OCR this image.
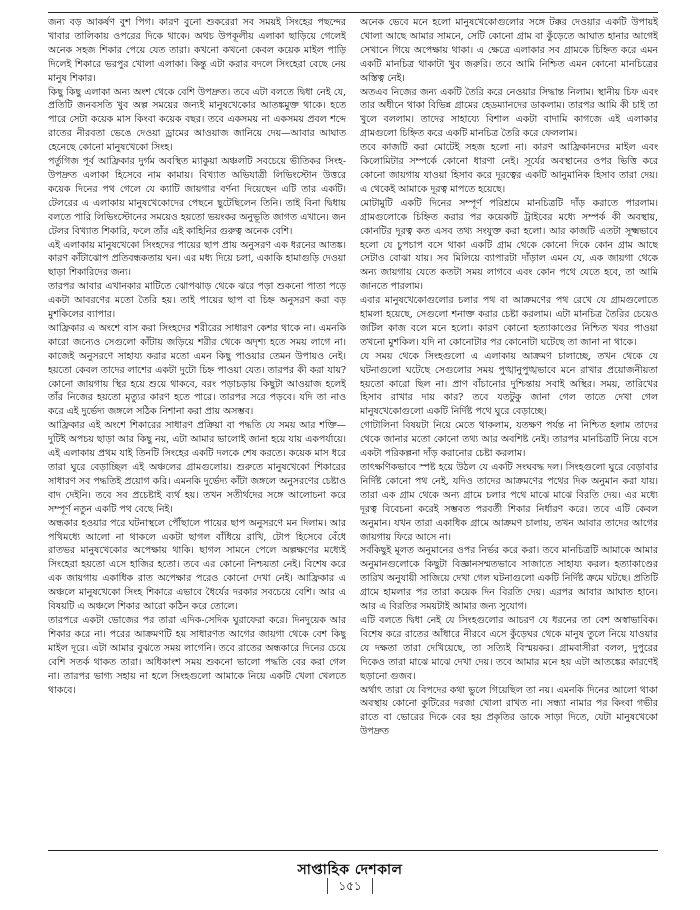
জন্য বড় আকর্ষণ বুশ পিগ। কারণ বুনো শুকরেরা সব সময়ই সিংহের পছন্দের খাবার তালিকায় ওপরের দিকে থাকে। অথচ উপকূলীয় এলাকা ছাড়িয়ে গেলেই অনেক সহজ শিকার পেয়ে যেত তারা। কখনো কখনো কেবল কয়েক মাইল পাড়ি দিলেই শিকারে ভরপুর খোলা এলাকা। কিন্তু এটা করার বদলে সিংহেরা বেছে নেয় মানুষ শিকার।

কিছু কিছু এলাকা অন্য অংশ থেকে বেশি উপদ্রুত। তবে এটা বলতে দ্বিধা নেই যে, প্রতিটি জনবসতি খুব অল্প সময়ের জন্যই মানুষখেকোর আতঙ্কমুক্ত থাকে। হতে পারে সেটা কয়েক মাস কিংবা কয়েক বছর। তবে একসময় না একসময় প্রবল শব্দে রাতের নীরবতা ভেঙে দেওয়া ড্রামের আওয়াজ জানিয়ে দেয়—আবার আঘাত হেনেছে কোনো মানুষখেকো সিংহ।

পর্তুগিজ পূর্ব আফ্রিকার দুর্গম অবস্থিত ম্যাকুয়া অঞ্চলটি সবচেয়ে ভীতিকর সিংহ-উপদ্রুত এলাকা হিসেবে নাম কামায়। বিখ্যাত অভিযাত্রী লিভিংস্টোন উত্তরে কয়েক দিনের পথ গেলে যে ক্যাটি জায়গার বর্ণনা দিয়েছেন এটি তার একটি। টেলরের এ এলাকায় মানুষখেকোদের পেছনে ছুটেছিলেন তিনি। তাই বিনা দ্বিধায় বলতে পারি লিভিংস্টোনের সময়েও হয়তো ভয়ংকর অনুভূতি জাগত এখানে। জন টেলর বিখ্যাত শিকারি, ফলে তাঁর এই কাহিনির গুরুত্ব অনেক বেশি।

এই এলাকায় মানুষখেকো সিংহদের পায়ের ছাপ প্রায় অনুসরণ এক ধরনের আতঙ্ক। কারণ কাঁটাঝোপ প্রতিবন্ধকতায় ঘন। এর মধ্য দিয়ে চলা, একাকি হামাগুড়ি দেওয়া ছাড়া শিকারিদের জন্য।

তারপর আবার এখানকার মাটিতে ঝোপঝাড় থেকে ঝরে পড়া শুকনো পাতা পড়ে একটা আবরণের মতো তৈরি হয়। তাই পায়ের ছাপ বা চিহ্ন অনুসরণ করা বড় মুশকিলের ব্যাপার।

আফ্রিকার এ অংশে বাস করা সিংহদের শরীরের সাধারণ কেশর থাকে না। এমনকি কারো জন্যেও সেগুলো কাঁটায় জড়িয়ে শরীর থেকে অদৃশ্য হতে সময় লাগে না। কাজেই অনুসরণে সাহায্য করার মতো এমন কিছু পাওয়ার তেমন উপায়ও নেই। হয়তো কেবল তাদের লাশের একটা দুটো চিহ্ন পাওয়া যেত। তারপর কী করা যায়? কোনো জায়গায় স্থির হয়ে শুয়ে থাকবে, বরং পড়াচড়ায় কিছুটা আওয়াজ হলেই তাঁর নিজের হয়তো মৃত্যুর কারণ হতে পারে। তারপর সরে পড়বে। যদি তা নাও করে এই দুর্ভেদ্য জঙ্গলে সঠিক নিশানা করা প্রায় অসম্ভব।

আফ্রিকার এই অংশে শিকারের সাধারণ প্রক্রিয়া বা পদ্ধতি যে সময় আর শক্তি—দুটিই অপচয় ছাড়া আর কিছু নয়, এটা আমার ভালোই জানা হয়ে যায় একপর্যায়ে। এই এলাকায় প্রথম যাই তিনটি সিংহের একটি দলকে শেষ করতে। কয়েক মাস ধরে তারা ঘুরে বেড়াচ্ছিল এই অঞ্চলের গ্রামগুলোয়। শুরুতে মানুষখেকো শিকারের সাধারণ সব পদ্ধতিই প্রয়োগ করি। এমনকি দুর্ভেদ্য কাঁটা জঙ্গলে অনুসরণের চেষ্টাও বাদ দেইনি। তবে সব প্রচেষ্টাই ব্যর্থ হয়। তখন সতীর্থদের সঙ্গে আলোচনা করে সম্পূর্ণ নতুন একটি পথ বেছে নিই।

অন্ধকার হওয়ার পরে ঘটনাস্থলে পৌঁছালে পায়ের ছাপ অনুসরণে মন দিলাম। আর পথিমধ্যে আলো না থাকলে একটা ছাগল বাঁধিয়ে রাখি, টোপ হিসেবে বেঁধে রাতভর মানুষখেকোর অপেক্ষায় থাকি। ছাগল সামনে পেলে অল্পক্ষণের মধ্যেই সিংহেরা হয়তো এসে হাজির হতো। তবে এর কোনো নিশ্চয়তা নেই। বিশেষ করে এক জায়গায় একাধিক রাত অপেক্ষার পরেও কোনো দেখা নেই। আফ্রিকার এ অঞ্চলে মানুষখেকো সিংহ শিকারে এভাবে ধৈর্যের দরকার সবচেয়ে বেশি। আর এ বিষয়টি এ অঞ্চলে শিকার আরো কঠিন করে তোলে।

তারপরে একটা ভোজের পর তারা এদিক-সেদিক ঘুরাফেরা করে। দিনদুয়েক আর শিকার করে না। পরের আক্রমণটি হয় সাধারণত আগের জায়গা থেকে বেশ কিছু মাইল দূরে। এটা আমার বুঝতে সময় লাগেনি। তবে রাতের অন্ধকারে দিনের চেয়ে বেশি সতর্ক থাকত তারা। অধিকাংশ সময় শুকনো ভালো পদ্ধতি বের করা গেল না। তারপর ভাগ্য সহায় না হলে সিংহগুলো আমাকে নিয়ে একটি খেলা খেলতে থাকবে।

অনেক ভেবে মনে হলো মানুষখেকোগুলোর সঙ্গে টক্কর দেওয়ার একটি উপায়ই খোলা আছে আমার সামনে, সেটি কোনো গ্রাম বা কুঁড়েতে আঘাত হানার আগেই সেখানে গিয়ে অপেক্ষায় থাকা। এ ক্ষেত্রে এলাকার সব গ্রামকে চিহ্নিত করে এমন একটি মানচিত্র থাকাটা খুব জরুরি। তবে আমি নিশ্চিত এমন কোনো মানচিত্রের অস্তিত্ব নেই।

অতএব নিজের জন্য একটি তৈরি করে নেওয়ার সিদ্ধান্ত নিলাম। স্থানীয় চিফ এবং তার অধীনে থাকা বিভিন্ন গ্রামের হেডম্যানদের ডাকলাম। তারপর আমি কী চাই তা খুলে বললাম। তাদের সাহায্যে বিশাল একটা বাদামি কাগজে এই এলাকার গ্রামগুলো চিহ্নিত করে একটি মানচিত্র তৈরি করে ফেললাম।

তবে কাজটি করা মোটেই সহজ হলো না। কারণ আফ্রিকানদের মাইল এবং কিলোমিটার সম্পর্কে কোনো ধারণা নেই। সূর্যের অবস্থানের ওপর ভিত্তি করে কোনো জায়গায় যাওয়া হিসাব করে দূরত্বের একটি আনুমানিক হিসাব তারা দেয়। এ থেকেই আমাকে দূরত্ব মাপতে হয়েছে।

মোটামুটি একটি দিনের সম্পূর্ণ পরিশ্রমে মানচিত্রটি দাঁড় করাতে পারলাম। গ্রামগুলোকে চিহ্নিত করার পর কয়েকটি ট্রাইবের মধ্যে সম্পর্ক কী অবস্থায়, কোনটির দূরত্ব কত এসব তথ্য সংযুক্ত করা হলো। আর কাজটি এতটা সূক্ষ্মভাবে হলো যে চুপচাপ বসে থাকা একটি গ্রাম থেকে কোনো দিকে কোন গ্রাম আছে সেটাও বোঝা যায়। সব মিলিয়ে ব্যাপারটা দাঁড়াল এমন যে, এক জায়গা থেকে অন্য জায়গায় যেতে কতটা সময় লাগবে এবং কোন পথে যেতে হবে, তা আমি জানতে পারলাম।

এবার মানুষখেকোগুলোর চলার পথ বা আক্রমণের পথ রেখে যে গ্রামগুলোতে হামলা হয়েছে, সেগুলো শনাক্ত করার চেষ্টা করলাম। এটা মানচিত্র তৈরির চেয়েও জটিল কাজ বলে মনে হলো। কারণ কোনো হত্যাকাণ্ডের নিশ্চিত খবর পাওয়া তখনো মুশকিল। যদি না কোনোটার পর কোনোটা ঘটেছে তা জানা না থাকে।

যে সময় থেকে সিংহগুলো এ এলাকায় আক্রমণ চালাচ্ছে, তখন থেকে যে ঘটনাগুলো ঘটেছে সেগুলোর সময় পুঙ্খানুপুঙ্খভাবে মনে রাখার প্রয়োজনীয়তা হয়তো কারো ছিল না। প্রাণ বাঁচানোর দুশ্চিন্তায় সবাই অস্থির। সময়, তারিখের হিসাব রাখার দায় কার? তবে যতটুকু জানা গেল তাতে দেখা গেল মানুষখেকোগুলো একটি নির্দিষ্ট পথে ঘুরে বেড়াচ্ছে।

গোটালিনা বিষয়টা নিয়ে মেতে থাকলাম, যতক্ষণ পর্যন্ত না নিশ্চিত হলাম তাদের থেকে জানার মতো কোনো তথ্য আর অবশিষ্ট নেই। তারপর মানচিত্রটি নিয়ে বসে একটা পরিকল্পনা দাঁড় করানোর চেষ্টা করলাম।

তাৎক্ষণিকভাবে স্পষ্ট হয়ে উঠল যে একটি সংঘবদ্ধ দল। সিংহগুলো ঘুরে বেড়াবার নির্দিষ্ট কোনো পথ নেই, যদিও তাদের আক্রমণের পথের দিক অনুমান করা যায়। তারা এক গ্রাম থেকে অন্য গ্রামে চলার পথে মাঝে মাঝে বিরতি দেয়। এর মধ্যে দূরত্ব বিবেচনা করেই সম্ভবত পরবর্তী শিকার নির্ধারণ করে। তবে এটি কেবল অনুমান। যখন তারা একাধিক গ্রামে আক্রমণ চালায়, তখন আবার তাদের আগের জায়গায় ফিরে আসে না।

সর্বকিছুই মূলত অনুমানের ওপর নির্ভর করে করা। তবে মানচিত্রটি আমাকে আমার অনুমানগুলোকে কিছুটা বিজ্ঞানসম্মতভাবে সাজাতে সাহায্য করল। হত্যাকাণ্ডের তারিখ অনুযায়ী সাজিয়ে দেখা গেল ঘটনাগুলো একটি নির্দিষ্ট ক্রমে ঘটছে। প্রতিটি গ্রামে হামলার পর তারা কয়েক দিন বিরতি দেয়। এরপর আবার আঘাত হানে। আর এ বিরতির সময়টাই আমার জন্য সুযোগ।

এটি বলতে দ্বিধা নেই যে সিংহগুলোর আচরণ যে ধরনের তা বেশ অস্বাভাবিক। বিশেষ করে রাতের আঁধারে নীরবে এসে কুঁড়েঘর থেকে মানুষ তুলে নিয়ে যাওয়ার যে দক্ষতা তারা দেখিয়েছে, তা সত্যিই বিস্ময়কর। গ্রামবাসীরা বলল, দুপুরের দিকেও তারা মাঝে মাঝে দেখা দেয়। তবে আমার মনে হয় এটা আতঙ্কের কারণেই ছড়ানো গুজব।

অর্থাৎ তারা যে বিপদের কথা ভুলে গিয়েছিল তা নয়। এমনকি দিনের আলো থাকা অবস্থায় কোনো কুটিরের দরজা খোলা রাখত না। সন্ধ্যা নামার পর কিংবা গভীর রাতে বা ভোরের দিকে বের হয় প্রকৃতির ডাকে সাড়া দিতে, যেটা মানুষখেকো উপদ্রুত

সাপ্তাহিক দেশকাল
১৫১
